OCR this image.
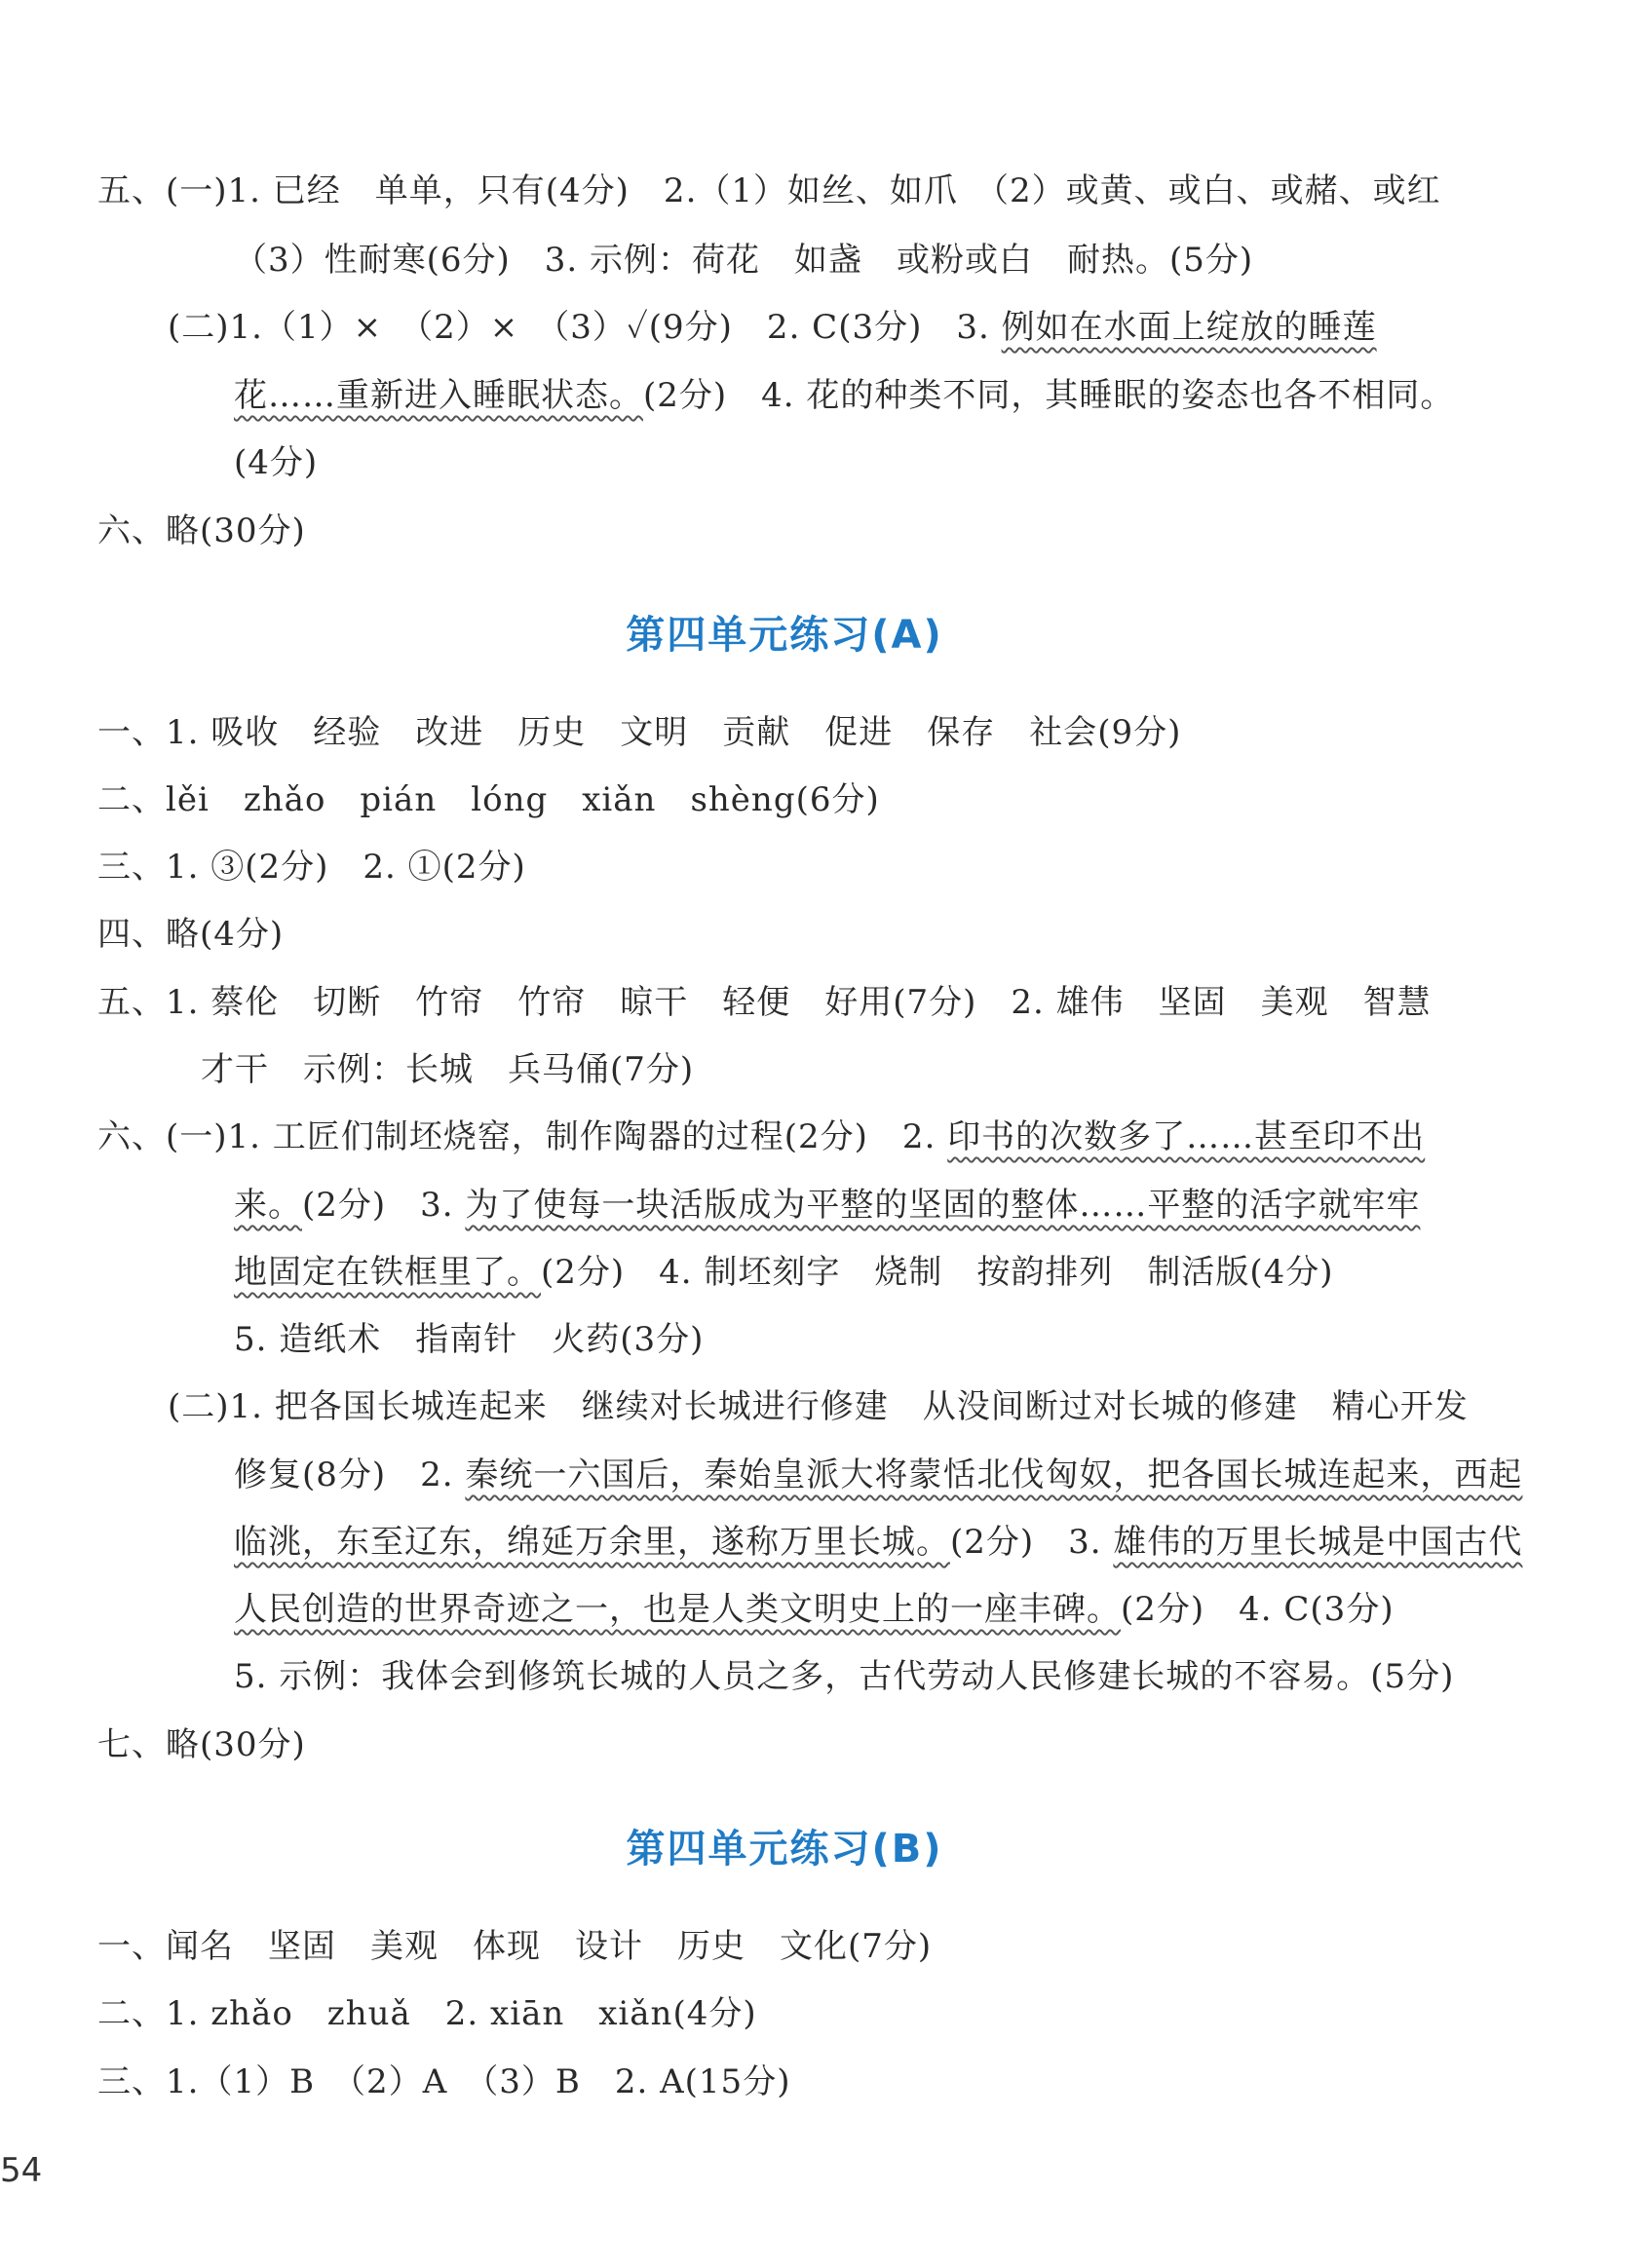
五、(一)1. 已经　单单，只有(4分)　2.（1）如丝、如爪　（2）或黄、或白、或赭、或红
（3）性耐寒(6分)　3. 示例：荷花　如盏　或粉或白　耐热。(5分)
(二)1.（1）×　（2）×　（3）✓(9分)　2. C(3分)　3. 例如在水面上绽放的睡莲
花……重新进入睡眠状态。(2分)　4. 花的种类不同，其睡眠的姿态也各不相同。
(4分)
六、略(30分)
第四单元练习(A)
一、1. 吸收　经验　改进　历史　文明　贡献　促进　保存　社会(9分)
二、lěi　zhǎo　pián　lóng　xiǎn　shèng(6分)
三、1. ③(2分)　2. ①(2分)
四、略(4分)
五、1. 蔡伦　切断　竹帘　竹帘　晾干　轻便　好用(7分)　2. 雄伟　坚固　美观　智慧
才干　示例：长城　兵马俑(7分)
六、(一)1. 工匠们制坯烧窑，制作陶器的过程(2分)　2. 印书的次数多了……甚至印不出
来。(2分)　3. 为了使每一块活版成为平整的坚固的整体……平整的活字就牢牢
地固定在铁框里了。(2分)　4. 制坯刻字　烧制　按韵排列　制活版(4分)
5. 造纸术　指南针　火药(3分)
(二)1. 把各国长城连起来　继续对长城进行修建　从没间断过对长城的修建　精心开发
修复(8分)　2. 秦统一六国后，秦始皇派大将蒙恬北伐匈奴，把各国长城连起来，西起
临洮，东至辽东，绵延万余里，遂称万里长城。(2分)　3. 雄伟的万里长城是中国古代
人民创造的世界奇迹之一，也是人类文明史上的一座丰碑。(2分)　4. C(3分)
5. 示例：我体会到修筑长城的人员之多，古代劳动人民修建长城的不容易。(5分)
七、略(30分)
第四单元练习(B)
一、闻名　坚固　美观　体现　设计　历史　文化(7分)
二、1. zhǎo　zhuǎ　2. xiān　xiǎn(4分)
三、1.（1）B　（2）A　（3）B　2. A(15分)
54
